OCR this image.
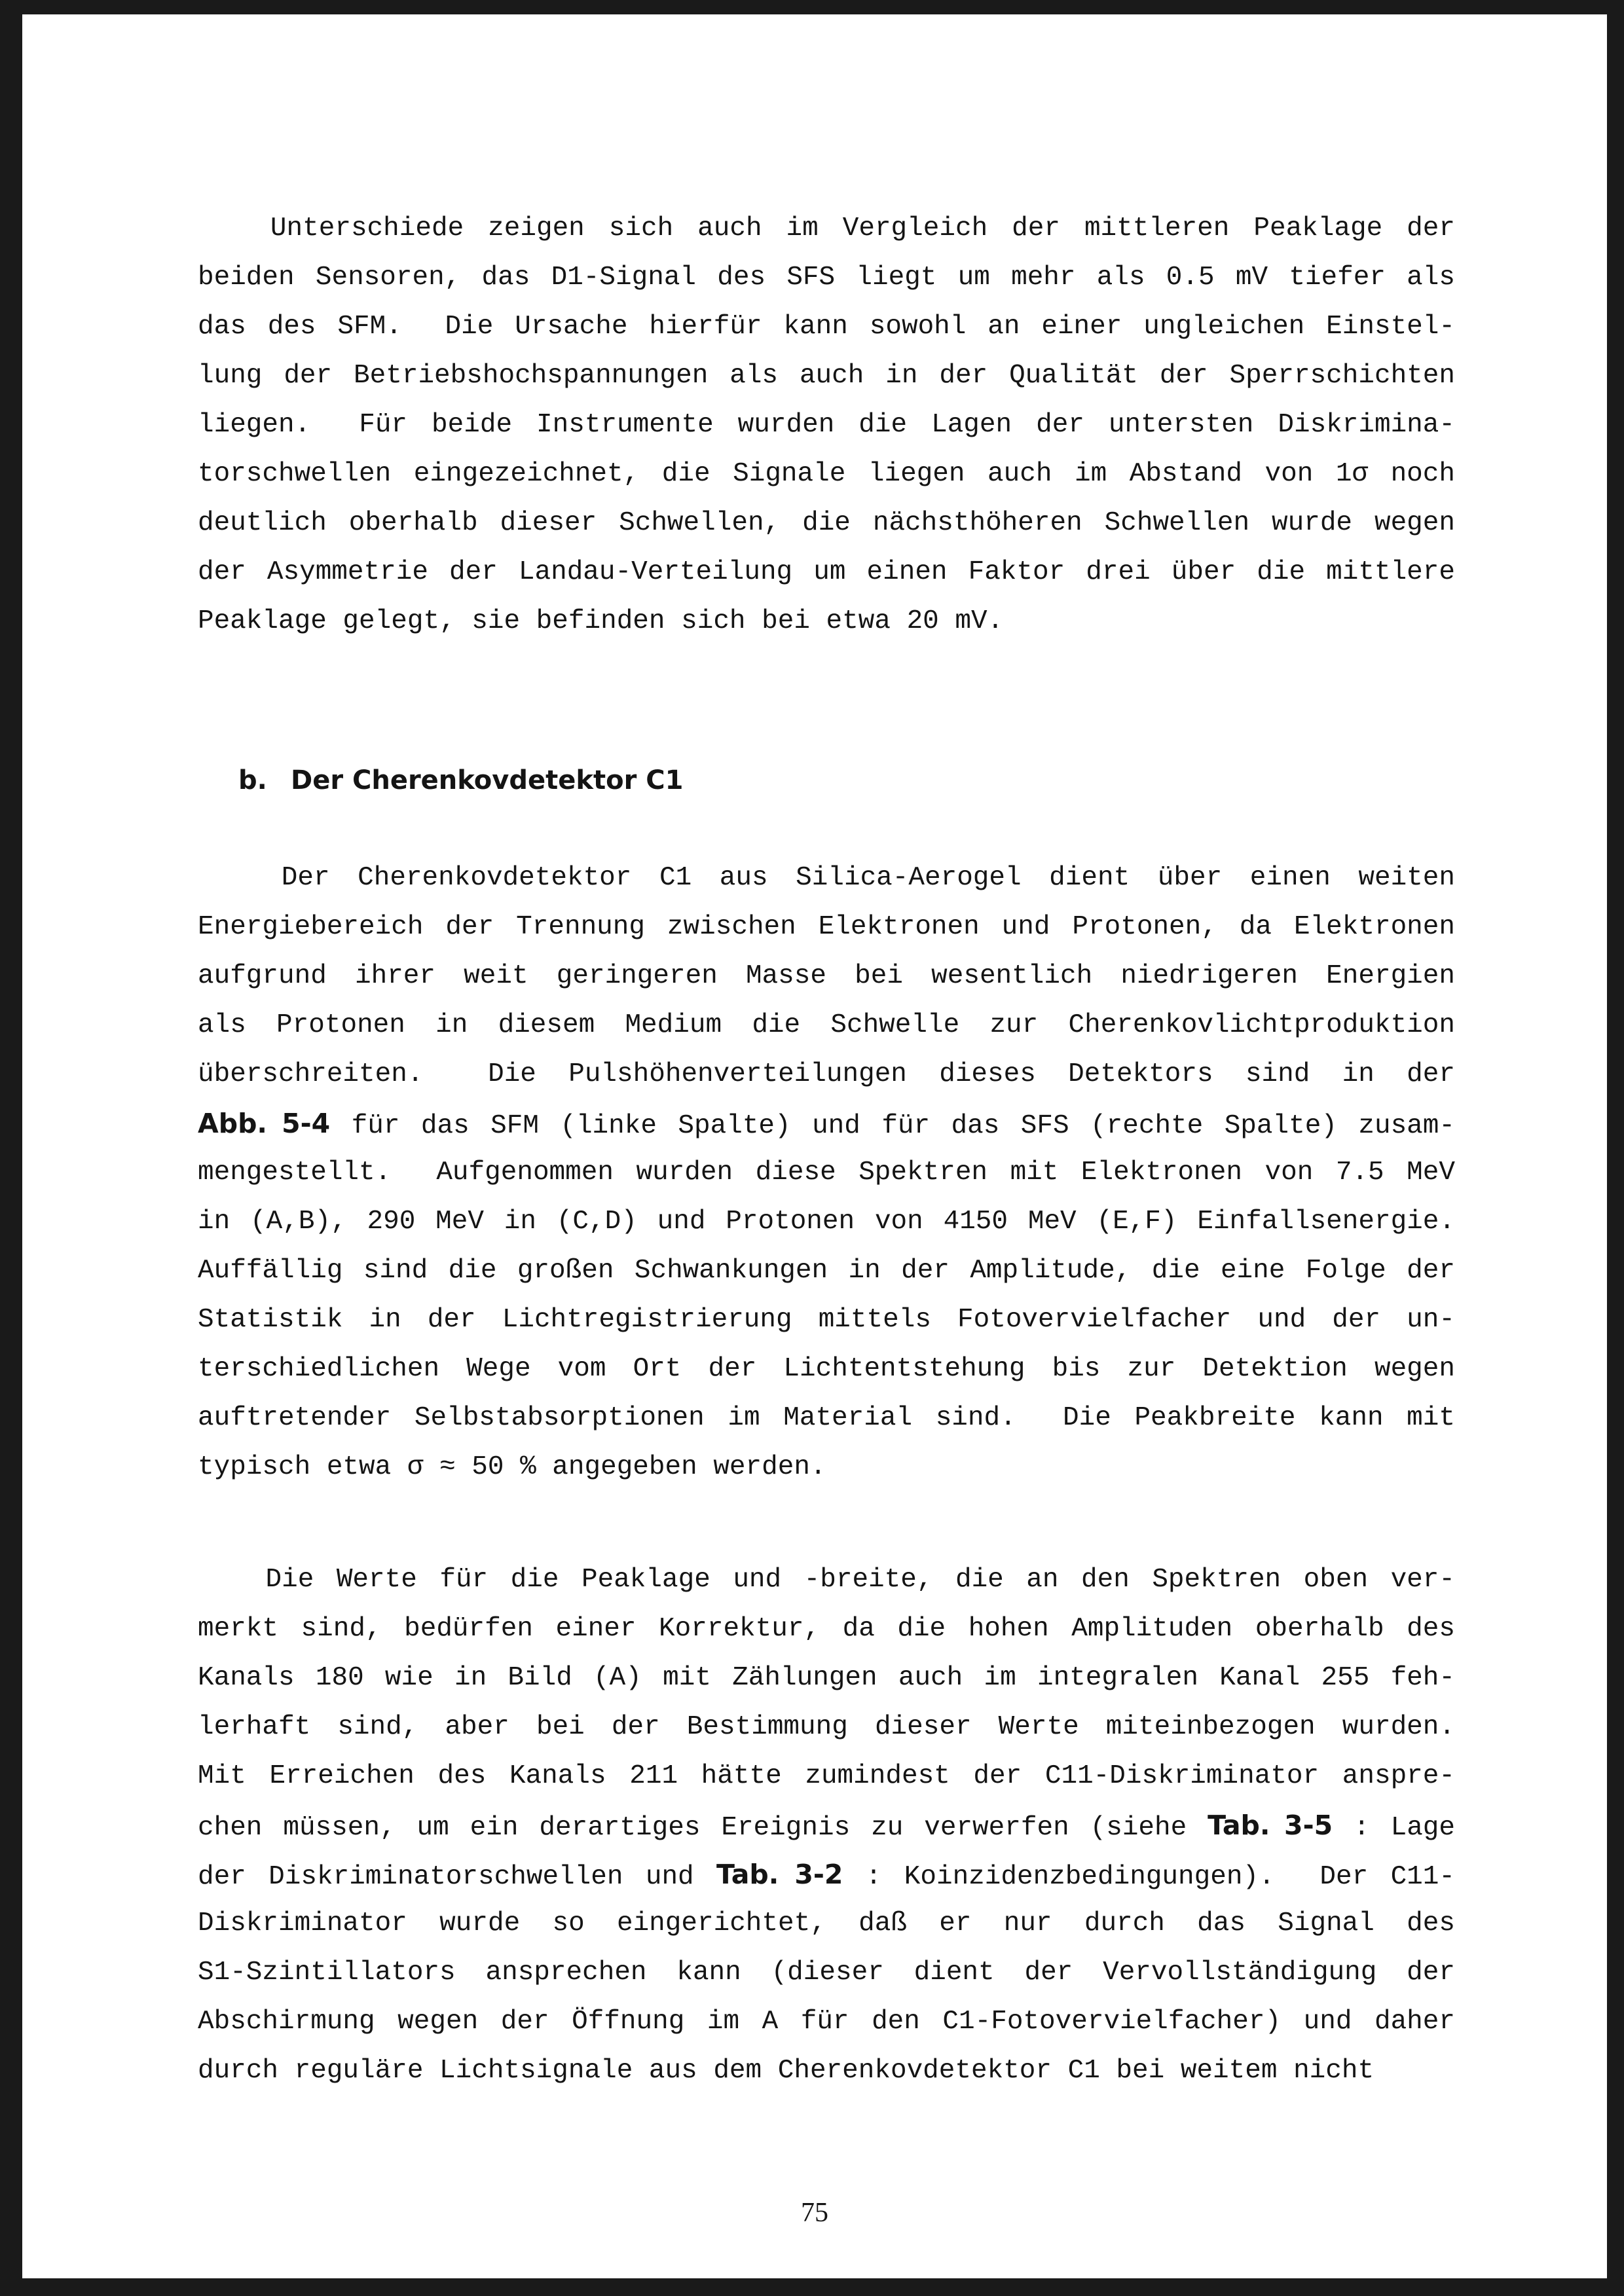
Unterschiede zeigen sich auch im Vergleich der mittleren Peaklage der
beiden Sensoren, das D1-Signal des SFS liegt um mehr als 0.5 mV tiefer als
das des SFM.  Die Ursache hierfür kann sowohl an einer ungleichen Einstel-
lung der Betriebshochspannungen als auch in der Qualität der Sperrschichten
liegen.  Für beide Instrumente wurden die Lagen der untersten Diskrimina-
torschwellen eingezeichnet, die Signale liegen auch im Abstand von 1σ noch
deutlich oberhalb dieser Schwellen, die nächsthöheren Schwellen wurde wegen
der Asymmetrie der Landau-Verteilung um einen Faktor drei über die mittlere
Peaklage gelegt, sie befinden sich bei etwa 20 mV.
b. Der Cherenkovdetektor C1
Der Cherenkovdetektor C1 aus Silica-Aerogel dient über einen weiten
Energiebereich der Trennung zwischen Elektronen und Protonen, da Elektronen
aufgrund ihrer weit geringeren Masse bei wesentlich niedrigeren Energien
als Protonen in diesem Medium die Schwelle zur Cherenkovlichtproduktion
überschreiten.  Die Pulshöhenverteilungen dieses Detektors sind in der
Abb. 5-4 für das SFM (linke Spalte) und für das SFS (rechte Spalte) zusam-
mengestellt.  Aufgenommen wurden diese Spektren mit Elektronen von 7.5 MeV
in (A,B), 290 MeV in (C,D) und Protonen von 4150 MeV (E,F) Einfallsenergie.
Auffällig sind die großen Schwankungen in der Amplitude, die eine Folge der
Statistik in der Lichtregistrierung mittels Fotovervielfacher und der un-
terschiedlichen Wege vom Ort der Lichtentstehung bis zur Detektion wegen
auftretender Selbstabsorptionen im Material sind.  Die Peakbreite kann mit
typisch etwa σ ≈ 50 % angegeben werden.
Die Werte für die Peaklage und -breite, die an den Spektren oben ver-
merkt sind, bedürfen einer Korrektur, da die hohen Amplituden oberhalb des
Kanals 180 wie in Bild (A) mit Zählungen auch im integralen Kanal 255 feh-
lerhaft sind, aber bei der Bestimmung dieser Werte miteinbezogen wurden.
Mit Erreichen des Kanals 211 hätte zumindest der C11-Diskriminator anspre-
chen müssen, um ein derartiges Ereignis zu verwerfen (siehe Tab. 3-5 : Lage
der Diskriminatorschwellen und Tab. 3-2 : Koinzidenzbedingungen).  Der C11-
Diskriminator wurde so eingerichtet, daß er nur durch das Signal des
S1-Szintillators ansprechen kann (dieser dient der Vervollständigung der
Abschirmung wegen der Öffnung im A für den C1-Fotovervielfacher) und daher
durch reguläre Lichtsignale aus dem Cherenkovdetektor C1 bei weitem nicht
75
